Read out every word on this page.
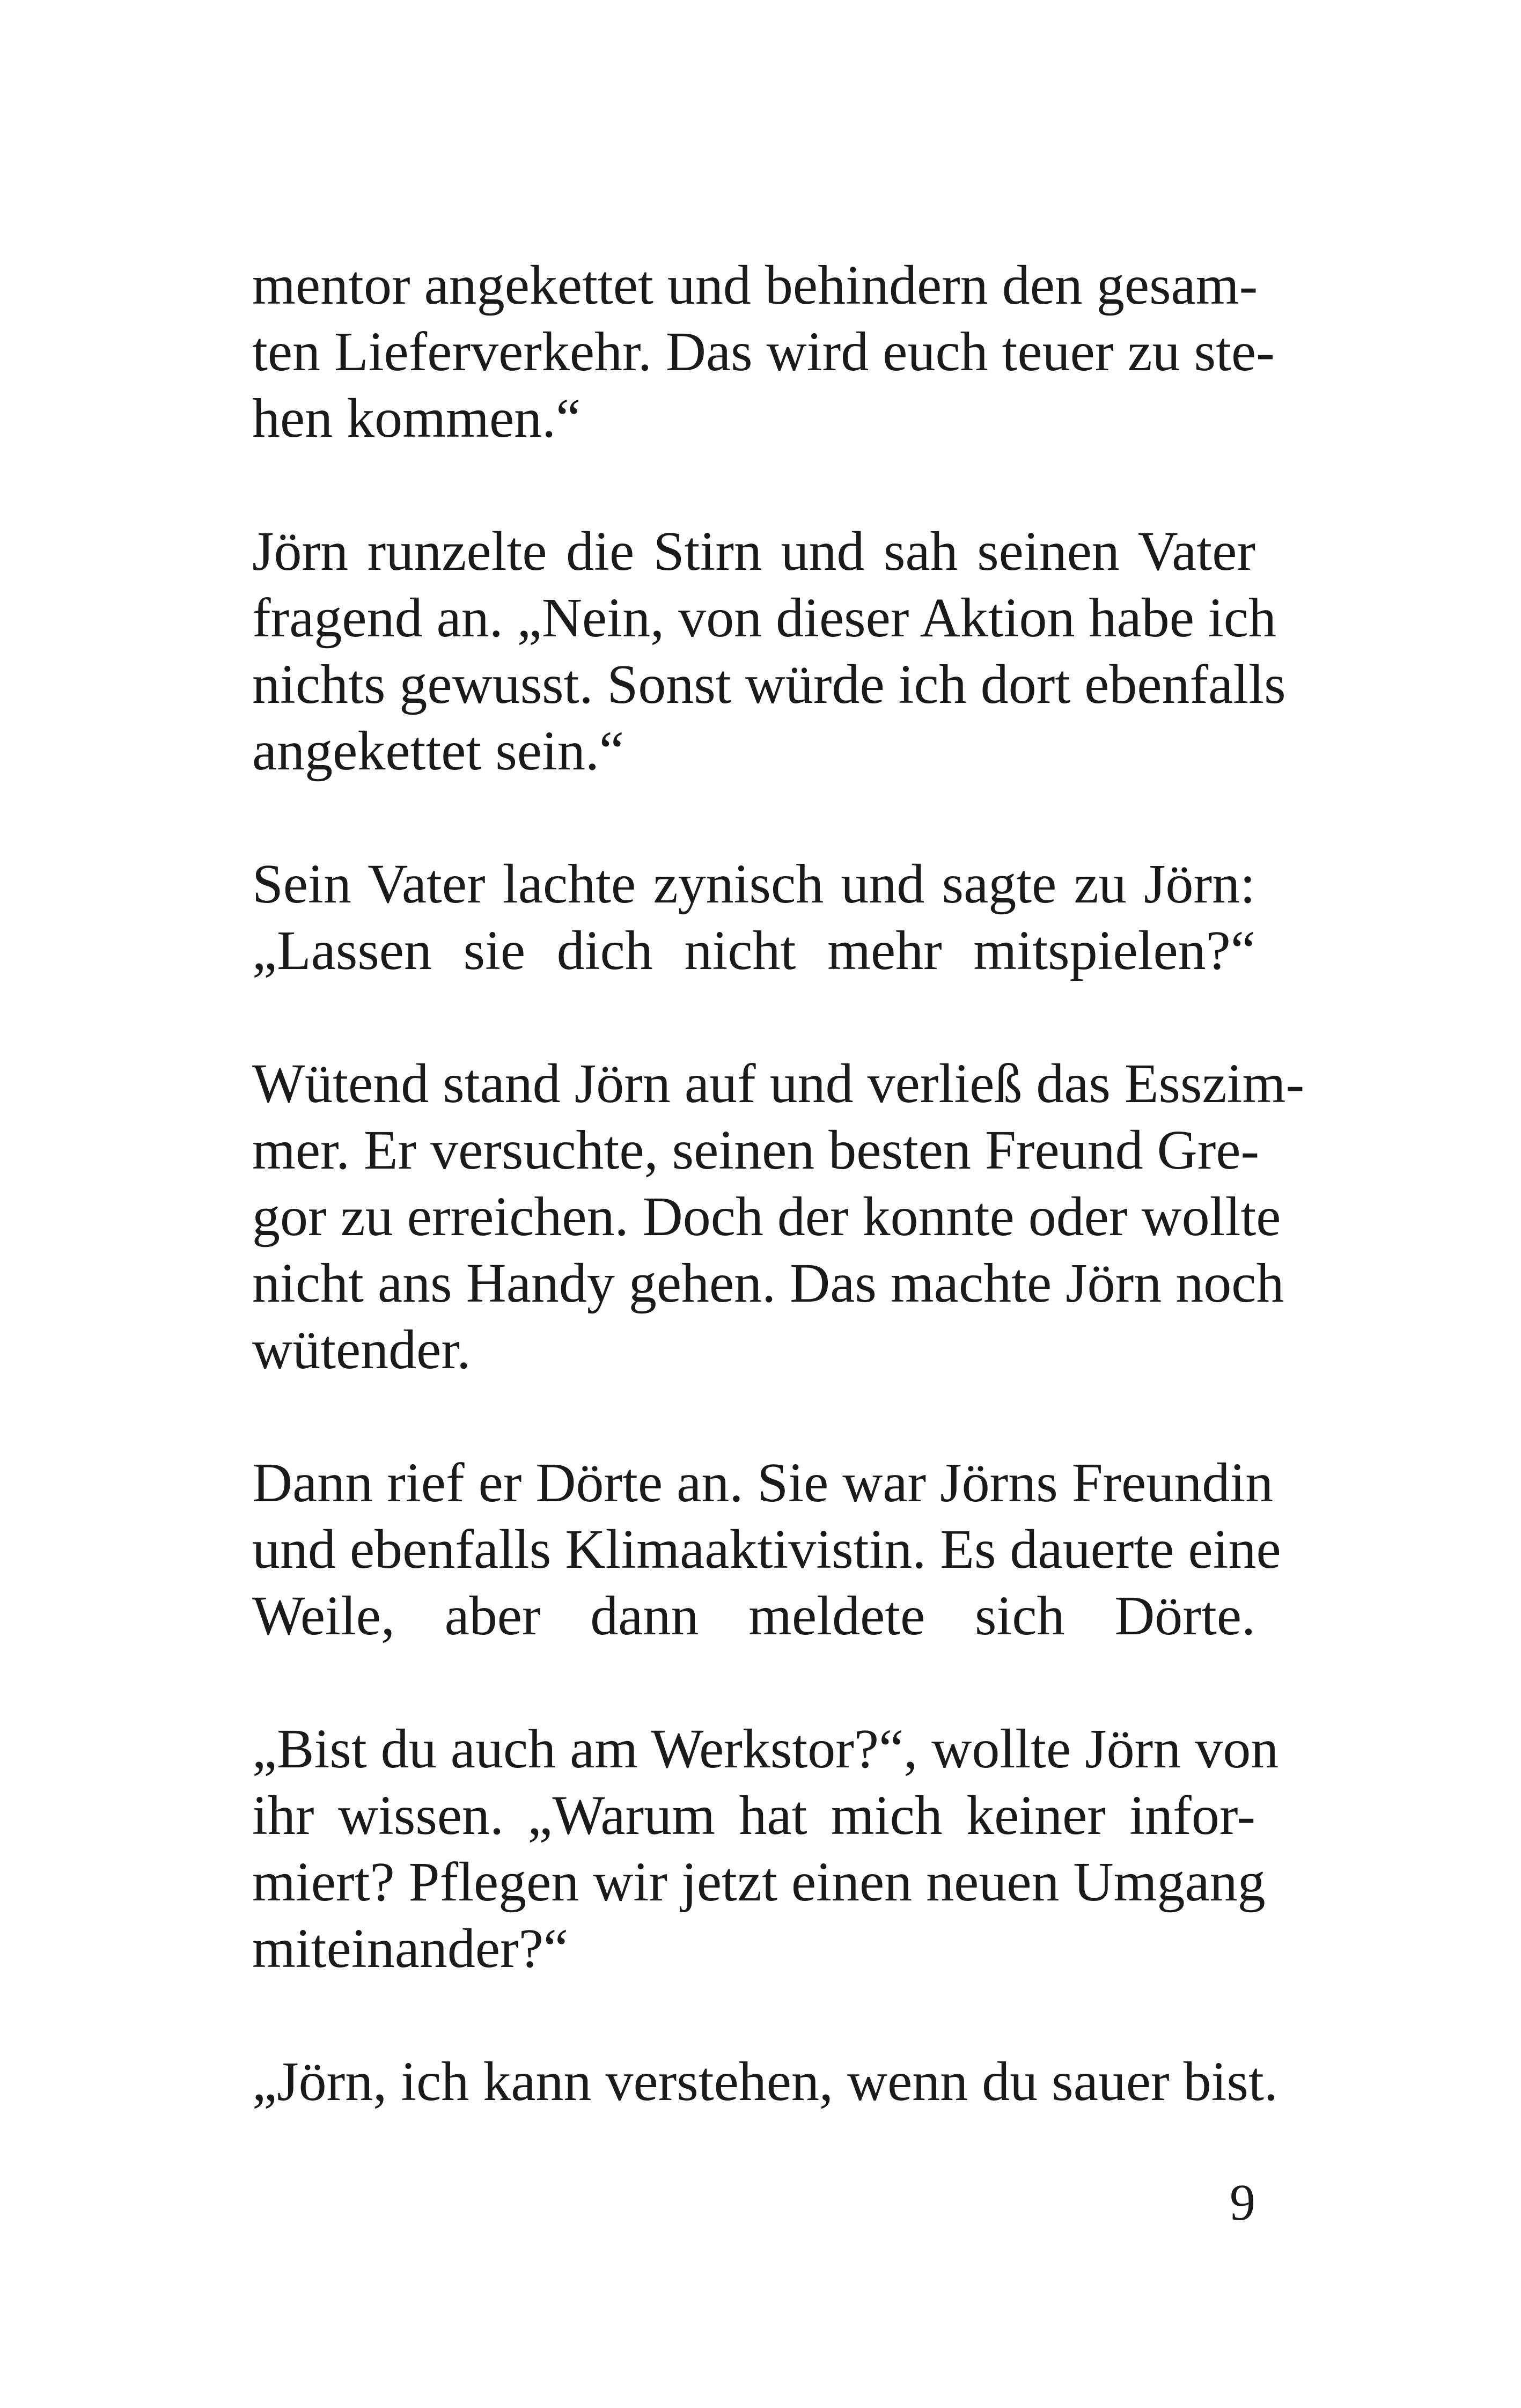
mentor angekettet und behindern den gesam-
ten Lieferverkehr. Das wird euch teuer zu ste-
hen kommen.“
Jörn runzelte die Stirn und sah seinen Vater
fragend an. „Nein, von dieser Aktion habe ich
nichts gewusst. Sonst würde ich dort ebenfalls
angekettet sein.“
Sein Vater lachte zynisch und sagte zu Jörn:
„Lassen sie dich nicht mehr mitspielen?“
Wütend stand Jörn auf und verließ das Esszim-
mer. Er versuchte, seinen besten Freund Gre-
gor zu erreichen. Doch der konnte oder wollte
nicht ans Handy gehen. Das machte Jörn noch
wütender.
Dann rief er Dörte an. Sie war Jörns Freundin
und ebenfalls Klimaaktivistin. Es dauerte eine
Weile, aber dann meldete sich Dörte.
„Bist du auch am Werkstor?“, wollte Jörn von
ihr wissen. „Warum hat mich keiner infor-
miert? Pflegen wir jetzt einen neuen Umgang
miteinander?“
„Jörn, ich kann verstehen, wenn du sauer bist.
9
